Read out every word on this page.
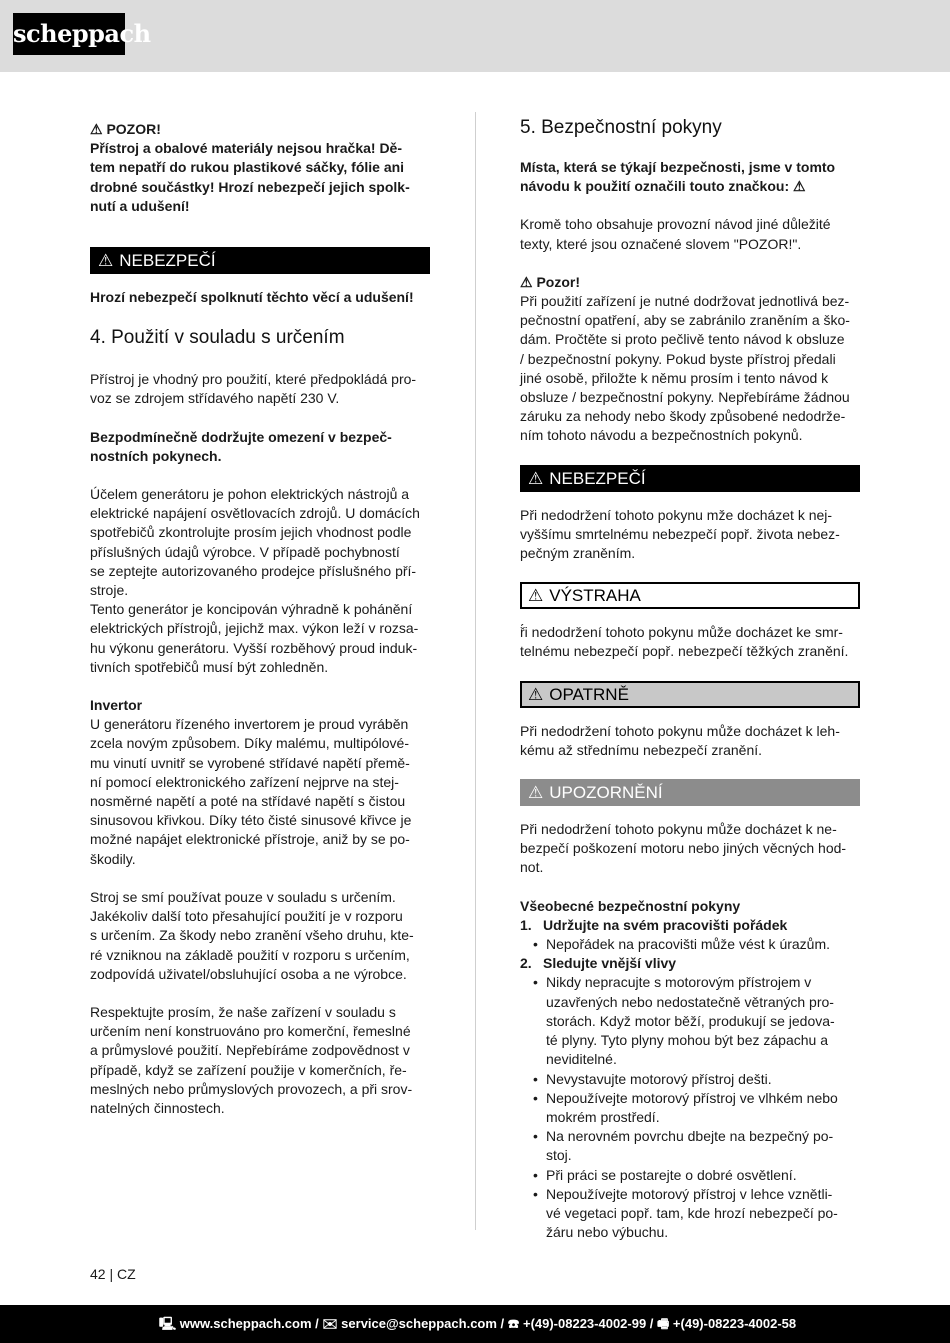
scheppach

⚠ POZOR!

Přístroj a obalové materiály nejsou hračka! Dě-

tem nepatří do rukou plastikové sáčky, fólie ani

drobné součástky! Hrozí nebezpečí jejich spolk-

nutí a udušení!

⚠ NEBEZPEČÍ

Hrozí nebezpečí spolknutí těchto věcí a udušení!

4. Použití v souladu s určením

Přístroj je vhodný pro použití, které předpokládá pro-

voz se zdrojem střídavého napětí 230 V.

Bezpodmínečně dodržujte omezení v bezpeč-

nostních pokynech.

Účelem generátoru je pohon elektrických nástrojů a

elektrické napájení osvětlovacích zdrojů. U domácích

spotřebičů zkontrolujte prosím jejich vhodnost podle

příslušných údajů výrobce. V případě pochybností

se zeptejte autorizovaného prodejce příslušného pří-

stroje.

Tento generátor je koncipován výhradně k pohánění

elektrických přístrojů, jejichž max. výkon leží v rozsa-

hu výkonu generátoru. Vyšší rozběhový proud induk-

tivních spotřebičů musí být zohledněn.

Invertor

U generátoru řízeného invertorem je proud vyráběn

zcela novým způsobem. Díky malému, multipólové-

mu vinutí uvnitř se vyrobené střídavé napětí přemě-

ní pomocí elektronického zařízení nejprve na stej-

nosměrné napětí a poté na střídavé napětí s čistou

sinusovou křivkou. Díky této čisté sinusové křivce je

možné napájet elektronické přístroje, aniž by se po-

škodily.

Stroj se smí používat pouze v souladu s určením.

Jakékoliv další toto přesahující použití je v rozporu

s určením. Za škody nebo zranění všeho druhu, kte-

ré vzniknou na základě použití v rozporu s určením,

zodpovídá uživatel/obsluhující osoba a ne výrobce.

Respektujte prosím, že naše zařízení v souladu s

určením není konstruováno pro komerční, řemeslné

a průmyslové použití. Nepřebíráme zodpovědnost v

případě, když se zařízení použije v komerčních, ře-

meslných nebo průmyslových provozech, a při srov-

natelných činnostech.

5. Bezpečnostní pokyny

Místa, která se týkají bezpečnosti, jsme v tomto

návodu k použití označili touto značkou: ⚠

Kromě toho obsahuje provozní návod jiné důležité

texty, které jsou označené slovem "POZOR!".

⚠ Pozor!

Při použití zařízení je nutné dodržovat jednotlivá bez-

pečnostní opatření, aby se zabránilo zraněním a ško-

dám. Pročtěte si proto pečlivě tento návod k obsluze

/ bezpečnostní pokyny. Pokud byste přístroj předali

jiné osobě, přiložte k němu prosím i tento návod k

obsluze / bezpečnostní pokyny. Nepřebíráme žádnou

záruku za nehody nebo škody způsobené nedodrže-

ním tohoto návodu a bezpečnostních pokynů.

⚠ NEBEZPEČÍ

Při nedodržení tohoto pokynu mže docházet k nej-

vyššímu smrtelnému nebezpečí popř. života nebez-

pečným zraněním.

⚠ VÝSTRAHA

ř́i nedodržení tohoto pokynu může docházet ke smr-

telnému nebezpečí popř. nebezpečí těžkých zranění.

⚠ OPATRNĚ

Při nedodržení tohoto pokynu může docházet k leh-

kému až střednímu nebezpečí zranění.

⚠ UPOZORNĚNÍ

Při nedodržení tohoto pokynu může docházet k ne-

bezpečí poškození motoru nebo jiných věcných hod-

not.

Všeobecné bezpečnostní pokyny

1. Udržujte na svém pracovišti pořádek
• Nepořádek na pracovišti může vést k úrazům.
2. Sledujte vnější vlivy
• Nikdy nepracujte s motorovým přístrojem v
uzavřených nebo nedostatečně větraných pro-
storách. Když motor běží, produkují se jedova-
té plyny. Tyto plyny mohou být bez zápachu a
neviditelné.
• Nevystavujte motorový přístroj dešti.
• Nepoužívejte motorový přístroj ve vlhkém nebo
mokrém prostředí.
• Na nerovném povrchu dbejte na bezpečný po-
stoj.
• Při práci se postarejte o dobré osvětlení.
• Nepoužívejte motorový přístroj v lehce vznětli-
vé vegetaci popř. tam, kde hrozí nebezpečí po-
žáru nebo výbuchu.
42 | CZ
🖳 www.scheppach.com / ✉ service@scheppach.com / ☎ +(49)-08223-4002-99 / 🖷 +(49)-08223-4002-58
